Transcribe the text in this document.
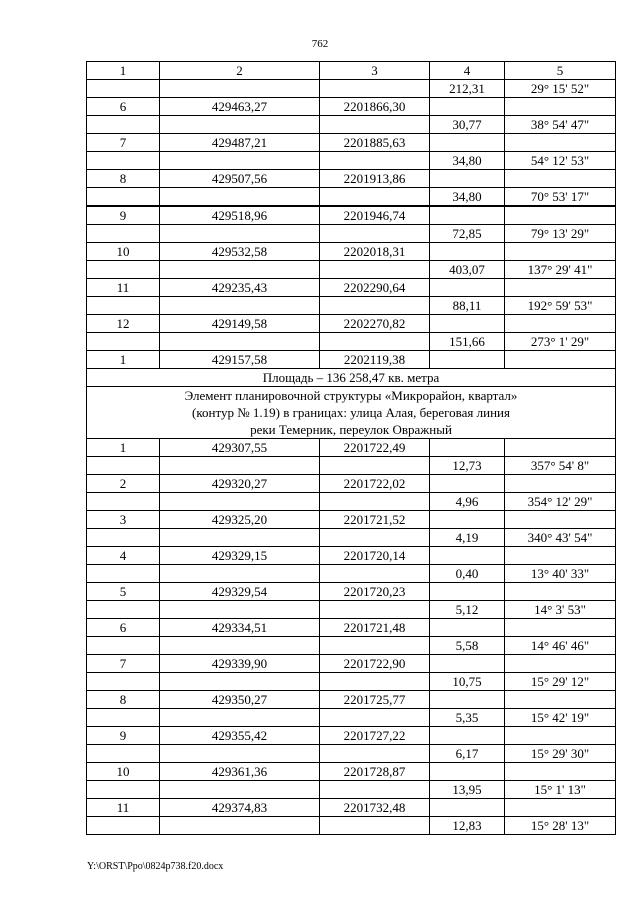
762
1	2	3	4	5
			212,31	29° 15' 52"
6	429463,27	2201866,30		
			30,77	38° 54' 47"
7	429487,21	2201885,63		
			34,80	54° 12' 53"
8	429507,56	2201913,86		
			34,80	70° 53' 17"
9	429518,96	2201946,74		
			72,85	79° 13' 29"
10	429532,58	2202018,31		
			403,07	137° 29' 41"
11	429235,43	2202290,64		
			88,11	192° 59' 53"
12	429149,58	2202270,82		
			151,66	273° 1' 29"
1	429157,58	2202119,38		
Площадь – 136 258,47 кв. метра				

Элемент планировочной структуры «Микрорайон, квартал»
(контур № 1.19) в границах: улица Алая, береговая линия
реки Темерник, переулок Овражный				

1	429307,55	2201722,49		
			12,73	357° 54' 8"
2	429320,27	2201722,02		
			4,96	354° 12' 29"
3	429325,20	2201721,52		
			4,19	340° 43' 54"
4	429329,15	2201720,14		
			0,40	13° 40' 33"
5	429329,54	2201720,23		
			5,12	14° 3' 53"
6	429334,51	2201721,48		
			5,58	14° 46' 46"
7	429339,90	2201722,90		
			10,75	15° 29' 12"
8	429350,27	2201725,77		
			5,35	15° 42' 19"
9	429355,42	2201727,22		
			6,17	15° 29' 30"
10	429361,36	2201728,87		
			13,95	15° 1' 13"
11	429374,83	2201732,48		
			12,83	15° 28' 13"
Y:\ORST\Ppo\0824p738.f20.docx
